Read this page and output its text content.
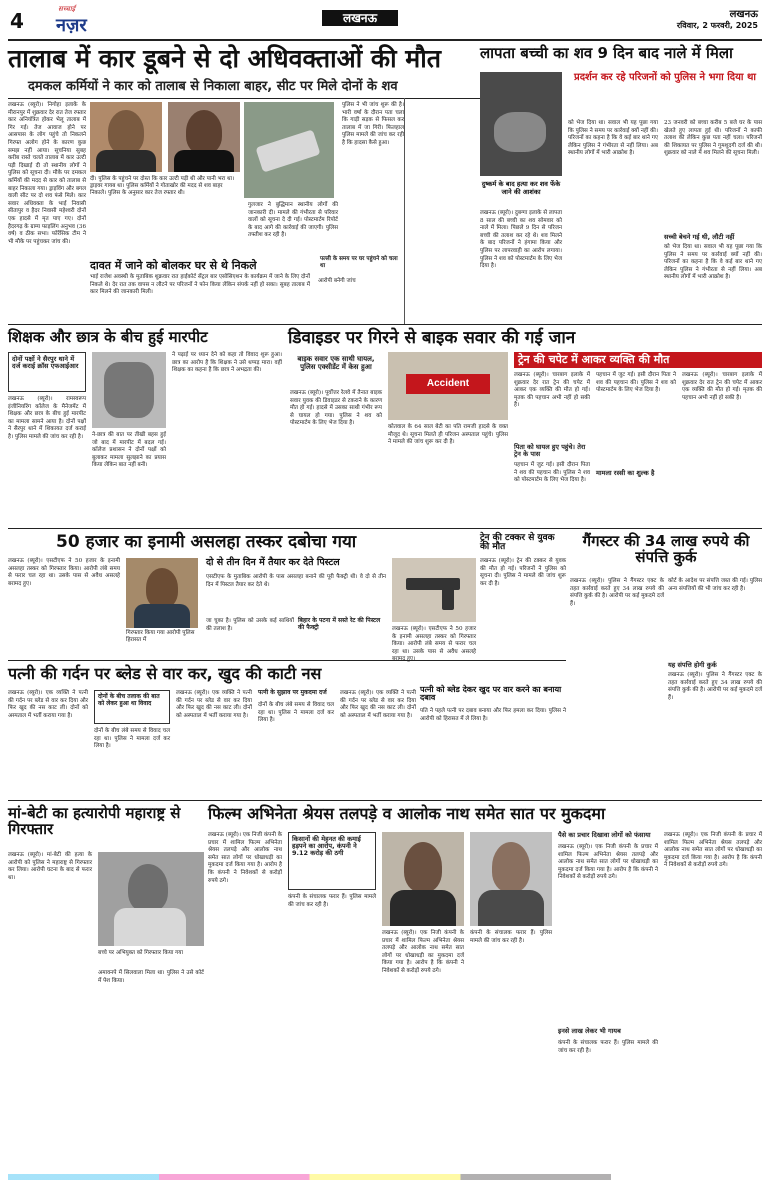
4	सच्चाई
नज़र	लखनऊ	लखनऊ
रविवार, 2 फरवरी, 2025
तालाब में कार डूबने से दो अधिवक्ताओं की मौत
दमकल कर्मियों ने कार को तालाब से निकाला बाहर, सीट पर मिले दोनों के शव
लखनऊ (ब्यूरो)। निगोहा इलाके के मीरानपुर में शुक्रवार देर रात तेज रफ्तार कार अनियंत्रित होकर भेलू तालाब में गिर गई। तेज आवाज होने पर आसपास के लोग पहुंचे तो निकलने गिरफ्त अलोग होने के कारण कुछ समझ नहीं आया। सूचनिया सुबह करीब रास्ते चलते तालाब में कार उल्टी पड़ी दिखाई दी तो स्थानीय लोगों ने पुलिस को सूचना दी। मौके पर दमकल कर्मियों की मदद से कार को तालाब से बाहर निकाला गया। ड्राइविंग और बगल वाली सीट पर दो शव फंसे मिले। कार सवार अधिवक्ता के भाई निवासी सीतापुर व हैदर निवासी महेश्वरी दोनों एक हादसे में मृत पाए गए। दोनों हैदरगढ़ के ग्राम्य फाइलिंग अनुभव (36 वर्ष) व ठीक सभा। फोरेंसिक टीम ने भी मौके पर पहुंचकर जांच की।
दी। पुलिस के पहुंचने पर दोस्त कि कार उल्टी पड़ी थी और पानी भरा था। ड्राइवर गायब था। पुलिस कर्मियों ने गोताखोर की मदद से शव बाहर निकाले। पुलिस के अनुसार कार तेज रफ्तार थी।
दावत में जाने को बोलकर घर से थे निकले
भाई राजेश अवस्थी के मुताबिक शुक्रवार रात हाईकोर्ट सेंट्रल बार एसोसिएशन के कार्यक्रम में जाने के लिए दोनों निकले थे। देर रात तक वापस न लौटने पर परिजनों ने फोन किया लेकिन संपर्क नहीं हो सका। सुबह तालाब में कार मिलने की जानकारी मिली।
पल्ली के समय पर घर पहुंचने को चला था
गुलजार ने बुद्धिमान स्थानीय लोगों की जानकारी दी। मामले की गंभीरता से परिवार वालों को सूचना दे दी गई। पोस्टमार्टम रिपोर्ट के बाद आगे की कार्रवाई की जाएगी। पुलिस तफ्तीश कर रही है।
पुलिस ने भी जांच शुरू की है। भारी वर्षा के दौरान पता चला कि गाड़ी सड़क से फिसल कर तालाब में जा गिरी। फिलहाल पुलिस मामले की जांच कर रही है कि हादसा कैसे हुआ।
आरोपी बनेगी जांच
लापता बच्ची का शव 9 दिन बाद नाले में मिला
प्रदर्शन कर रहे परिजनों को पुलिस ने भगा दिया था
दुष्कर्म के बाद हत्या कर शव फेंके जाने की आशंका
लखनऊ (ब्यूरो)। दुबग्गा इलाके से लापता 8 साल की बच्ची का शव सोमवार को नाले में मिला। पिछले 9 दिन से परिजन बच्ची की तलाश कर रहे थे। शव मिलने के बाद परिजनों ने हंगामा किया और पुलिस पर लापरवाही का आरोप लगाया। पुलिस ने शव को पोस्टमार्टम के लिए भेज दिया है।
को भेज दिया था। सवाल भी यह पूछा गया कि पुलिस ने समय पर कार्रवाई क्यों नहीं की। परिजनों का कहना है कि वे कई बार थाने गए लेकिन पुलिस ने गंभीरता से नहीं लिया। अब स्थानीय लोगों में भारी आक्रोश है।
23 जनवरी को बच्चा करीब 5 बजे घर के पास खेलते हुए लापता हुई थी। परिजनों ने काफी तलाश की लेकिन कुछ पता नहीं चला। परिजनों की शिकायत पर पुलिस ने गुमशुदगी दर्ज की थी। शुक्रवार को नाले में शव मिलने की सूचना मिली।
सच्ची बेचने गई थी, लौटी नहीं
को भेज दिया था। सवाल भी यह पूछा गया कि पुलिस ने समय पर कार्रवाई क्यों नहीं की। परिजनों का कहना है कि वे कई बार थाने गए लेकिन पुलिस ने गंभीरता से नहीं लिया। अब स्थानीय लोगों में भारी आक्रोश है।
शिक्षक और छात्र के बीच हुई मारपीट
दोनों पक्षों ने सैरपुर थाने में दर्ज कराई क्रॉस एफआईआर
लखनऊ (ब्यूरो)। रामस्वरूप इंजीनियरिंग कॉलेज के मैनेजमेंट में शिक्षक और छात्र के बीच हुई मारपीट का मामला सामने आया है। दोनों पक्षों ने सैरपुर थाने में शिकायत दर्ज कराई है। पुलिस मामले की जांच कर रही है।	ने-छात्र की बात पर तीखी बहस हुई जो बाद में मारपीट में बदल गई। कॉलेज प्रशासन ने दोनों पक्षों को बुलाकर मामला सुलझाने का प्रयास किया लेकिन बात नहीं बनी।
ने पढ़ाई पर ध्यान देने को कहा तो विवाद शुरू हुआ। छात्र का आरोप है कि शिक्षक ने उसे थप्पड़ मारा। वहीं शिक्षक का कहना है कि छात्र ने अभद्रता की।
डिवाइडर पर गिरने से बाइक सवार की गई जान
बाइक सवार एक साथी घायल, पुलिस एक्सीडेंट में केस हुआ
लखनऊ (ब्यूरो)। पूर्वोत्तर रेलवे में तैनात बाइक सवार युवक की डिवाइडर से टकराने के कारण मौत हो गई। हादसे में उसका साथी गंभीर रूप से घायल हो गया। पुलिस ने शव को पोस्टमार्टम के लिए भेज दिया है।
Accident
कोतवाल के 64 साल बेटी का पति रामजी हादसे के वक्त मौजूद थे। सूचना मिलते ही परिजन अस्पताल पहुंचे। पुलिस ने मामले की जांच शुरू कर दी है।
ट्रेन की चपेट में आकर व्यक्ति की मौत
लखनऊ (ब्यूरो)। चारबाग इलाके में शुक्रवार देर रात ट्रेन की चपेट में आकर एक व्यक्ति की मौत हो गई। मृतक की पहचान अभी नहीं हो सकी है।
पिता को घायल हुए पहुंचे। तेरा ट्रेन के पास
पहचान में जुट गई। इसी दौरान पिता ने शव की पहचान की। पुलिस ने शव को पोस्टमार्टम के लिए भेज दिया है।
पहचान में जुट गई। इसी दौरान पिता ने शव की पहचान की। पुलिस ने शव को पोस्टमार्टम के लिए भेज दिया है।
मामला रस्सी का शुल्क है
लखनऊ (ब्यूरो)। चारबाग इलाके में शुक्रवार देर रात ट्रेन की चपेट में आकर एक व्यक्ति की मौत हो गई। मृतक की पहचान अभी नहीं हो सकी है।
50 हजार का इनामी असलहा तस्कर दबोचा गया
लखनऊ (ब्यूरो)। एसटीएफ ने 50 हजार के इनामी असलहा तस्कर को गिरफ्तार किया। आरोपी लंबे समय से फरार चल रहा था। उसके पास से अवैध असलहे बरामद हुए।
गिरफ्तार किया गया आरोपी पुलिस हिरासत में
दो से तीन दिन में तैयार कर देते पिस्टल
एसटीएफ के मुताबिक आरोपी के पास असलहा बनाने की पूरी फैक्ट्री थी। वे दो से तीन दिन में पिस्टल तैयार कर देते थे।
जा चुका है। पुलिस को उसके कई साथियों की तलाश है।
बिहार के पटना में सस्ते रेट की पिस्टल की फैक्ट्री	लखनऊ (ब्यूरो)। एसटीएफ ने 50 हजार के इनामी असलहा तस्कर को गिरफ्तार किया। आरोपी लंबे समय से फरार चल रहा था। उसके पास से अवैध असलहे
ट्रेन की टक्कर से युवक की मौत
लखनऊ (ब्यूरो)। ट्रेन की टक्कर से युवक की मौत हो गई। परिजनों ने पुलिस को सूचना दी। पुलिस ने मामले की जांच शुरू कर दी है।
गैंगस्टर की 34 लाख रुपये की संपत्ति कुर्क
लखनऊ (ब्यूरो)। पुलिस ने गैंगस्टर एक्ट के तहत कार्रवाई करते हुए 34 लाख रुपये की संपत्ति कुर्क की है। आरोपी पर कई मुकदमे दर्ज हैं।
कोर्ट के आदेश पर संपत्ति जब्त की गई। पुलिस अन्य संपत्तियों की भी जांच कर रही है।
यह संपत्ति होगी कुर्क
लखनऊ (ब्यूरो)। पुलिस ने गैंगस्टर एक्ट के तहत कार्रवाई करते हुए 34 लाख रुपये की संपत्ति कुर्क की है। आरोपी पर कई मुकदमे दर्ज हैं।
पत्नी की गर्दन पर ब्लेड से वार कर, खुद की काटी नस
लखनऊ (ब्यूरो)। एक व्यक्ति ने पत्नी की गर्दन पर ब्लेड से वार कर दिया और फिर खुद की नस काट ली। दोनों को अस्पताल में भर्ती कराया गया है।
दोनों के बीच तलाक की बात को लेकर हुआ था विवाद
दोनों के बीच लंबे समय से विवाद चल रहा था। पुलिस ने मामला दर्ज कर लिया है।
लखनऊ (ब्यूरो)। एक व्यक्ति ने पत्नी की गर्दन पर ब्लेड से वार कर दिया और फिर खुद की नस काट ली। दोनों को अस्पताल में भर्ती कराया गया है।
पत्नी के सुझाव पर मुकदमा दर्ज
दोनों के बीच लंबे समय से विवाद चल रहा था। पुलिस ने मामला दर्ज कर लिया है।
लखनऊ (ब्यूरो)। एक व्यक्ति ने पत्नी की गर्दन पर ब्लेड से वार कर दिया और फिर खुद की नस काट ली। दोनों को अस्पताल में भर्ती कराया गया है।
पत्नी को ब्लेड देकर खुद पर वार करने का बनाया दबाव
पति ने पहले पत्नी पर दबाव बनाया और फिर हमला कर दिया। पुलिस ने आरोपी को हिरासत में ले लिया है।
मां-बेटी का हत्यारोपी महाराष्ट्र से गिरफ्तार
लखनऊ (ब्यूरो)। मां-बेटी की हत्या के आरोपी को पुलिस ने महाराष्ट्र से गिरफ्तार कर लिया। आरोपी घटना के बाद से फरार था।
बच्चे पर अभियुक्त को गिरफ्तार किया गया
अमावनपे में सिलवाला मिला था। पुलिस ने उसे कोर्ट में पेश किया।
फिल्म अभिनेता श्रेयस तलपड़े व आलोक नाथ समेत सात पर मुकदमा
लखनऊ (ब्यूरो)। एक निजी कंपनी के प्रचार में शामिल फिल्म अभिनेता श्रेयस तलपड़े और आलोक नाथ समेत सात लोगों पर धोखाधड़ी का मुकदमा दर्ज किया गया है। आरोप है कि कंपनी ने निवेशकों से करोड़ों रुपये ठगे।
किसानों की मेहनत की कमाई हड़पने का आरोप, कंपनी ने 9.12 करोड़ की ठगी
कंपनी के संचालक फरार हैं। पुलिस मामले की जांच कर रही है।
लखनऊ (ब्यूरो)। एक निजी कंपनी के प्रचार में शामिल फिल्म अभिनेता श्रेयस तलपड़े और आलोक नाथ समेत सात लोगों पर धोखाधड़ी का मुकदमा दर्ज किया गया है। आरोप है कि कंपनी ने निवेशकों से करोड़ों रुपये ठगे।
कंपनी के संचालक फरार हैं। पुलिस मामले की जांच कर रही है।
पैसे का प्रचार दिखावा लोगों को फंसाया
लखनऊ (ब्यूरो)। एक निजी कंपनी के प्रचार में शामिल फिल्म अभिनेता श्रेयस तलपड़े और आलोक नाथ समेत सात लोगों पर धोखाधड़ी का मुकदमा दर्ज किया गया है। आरोप है कि कंपनी ने निवेशकों से करोड़ों रुपये ठगे।
इनसे लाख लेकर भी गायब
कंपनी के संचालक फरार हैं। पुलिस मामले की जांच कर रही है।
लखनऊ (ब्यूरो)। एक निजी कंपनी के प्रचार में शामिल फिल्म अभिनेता श्रेयस तलपड़े और आलोक नाथ समेत सात लोगों पर धोखाधड़ी का मुकदमा दर्ज किया गया है। आरोप है कि कंपनी ने निवेशकों से करोड़ों रुपये ठगे।
